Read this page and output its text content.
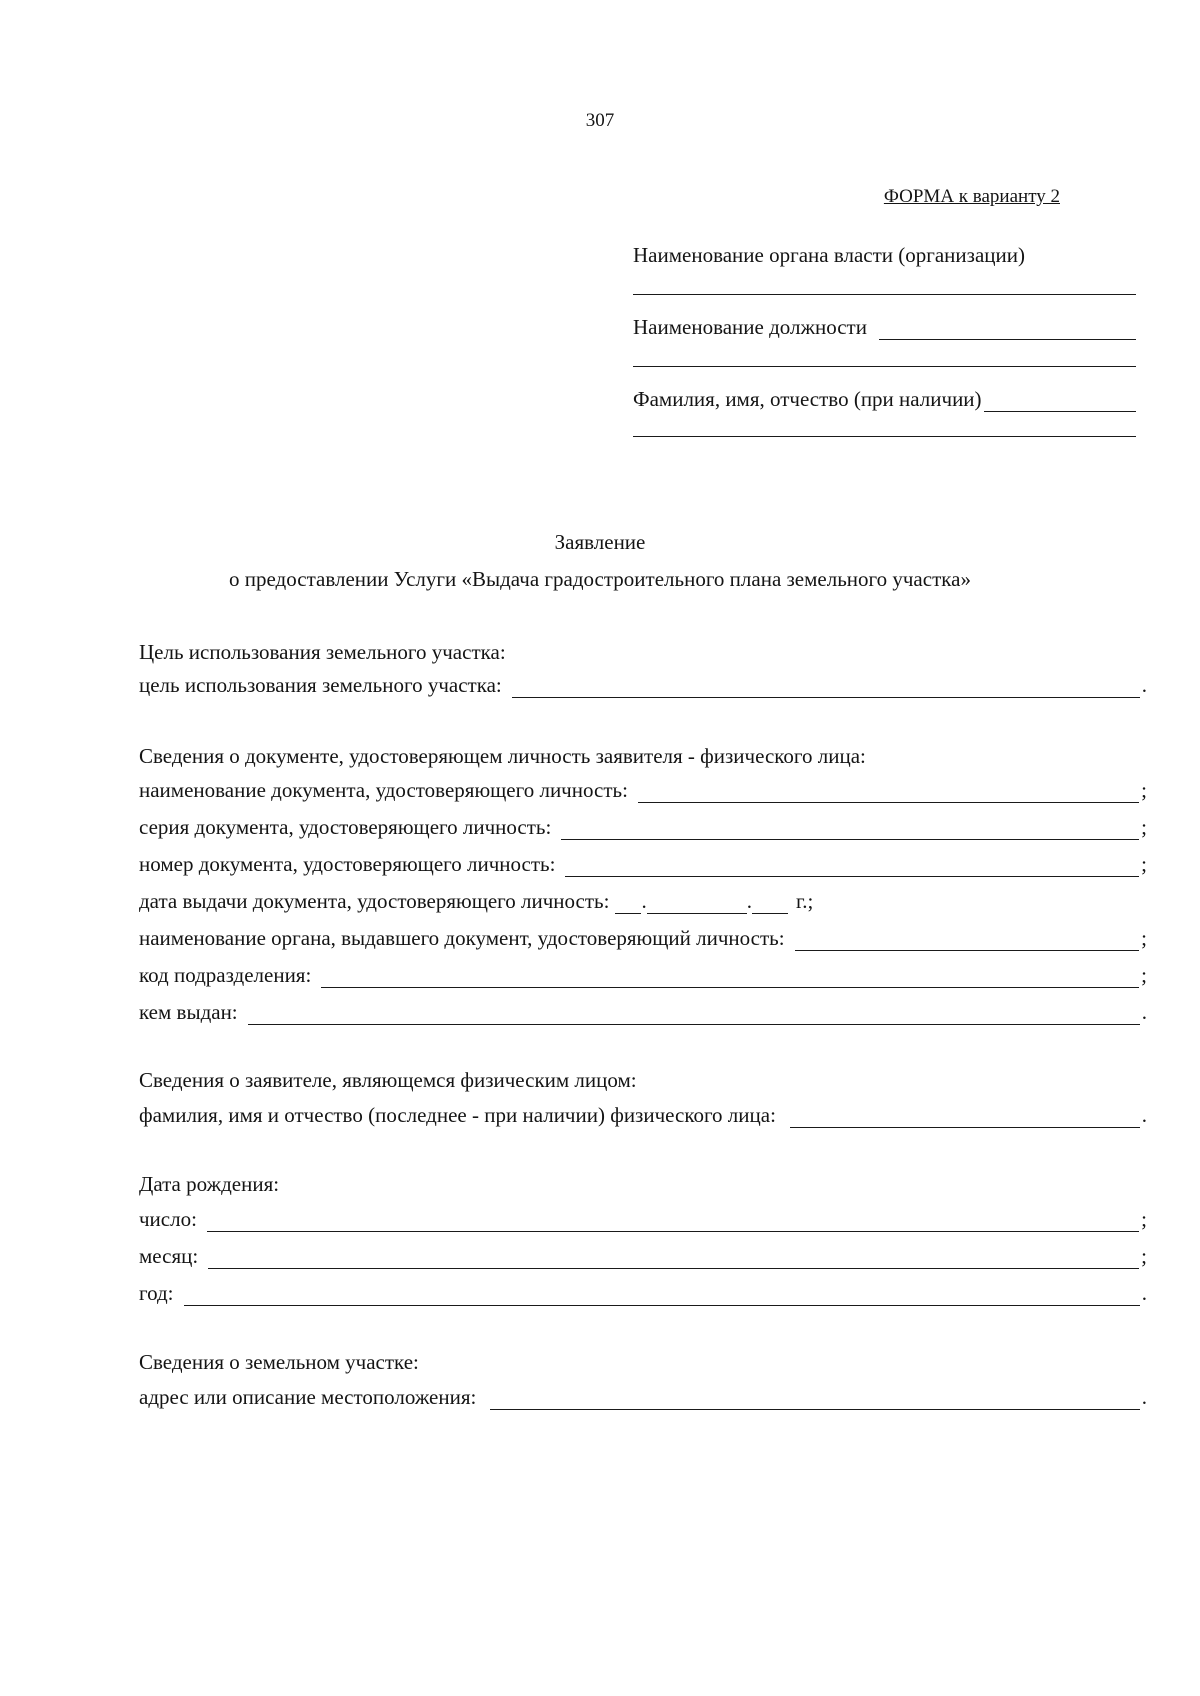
307
ФОРМА к варианту 2
Наименование органа власти (организации)
Наименование должности
Фамилия, имя, отчество (при наличии)
Заявление
о предоставлении Услуги «Выдача градостроительного плана земельного участка»
Цель использования земельного участка:
цель использования земельного участка:	.
Сведения о документе, удостоверяющем личность заявителя - физического лица:
наименование документа, удостоверяющего личность:	;
серия документа, удостоверяющего личность:	;
номер документа, удостоверяющего личность:	;
дата выдачи документа, удостоверяющего личность: .	. г.;
наименование органа, выдавшего документ, удостоверяющий личность:	;
код подразделения:	;
кем выдан:	.
Сведения о заявителе, являющемся физическим лицом:
фамилия, имя и отчество (последнее - при наличии) физического лица:	.
Дата рождения:
число:	;
месяц:	;
год:	.
Сведения о земельном участке:
адрес или описание местоположения:	.
